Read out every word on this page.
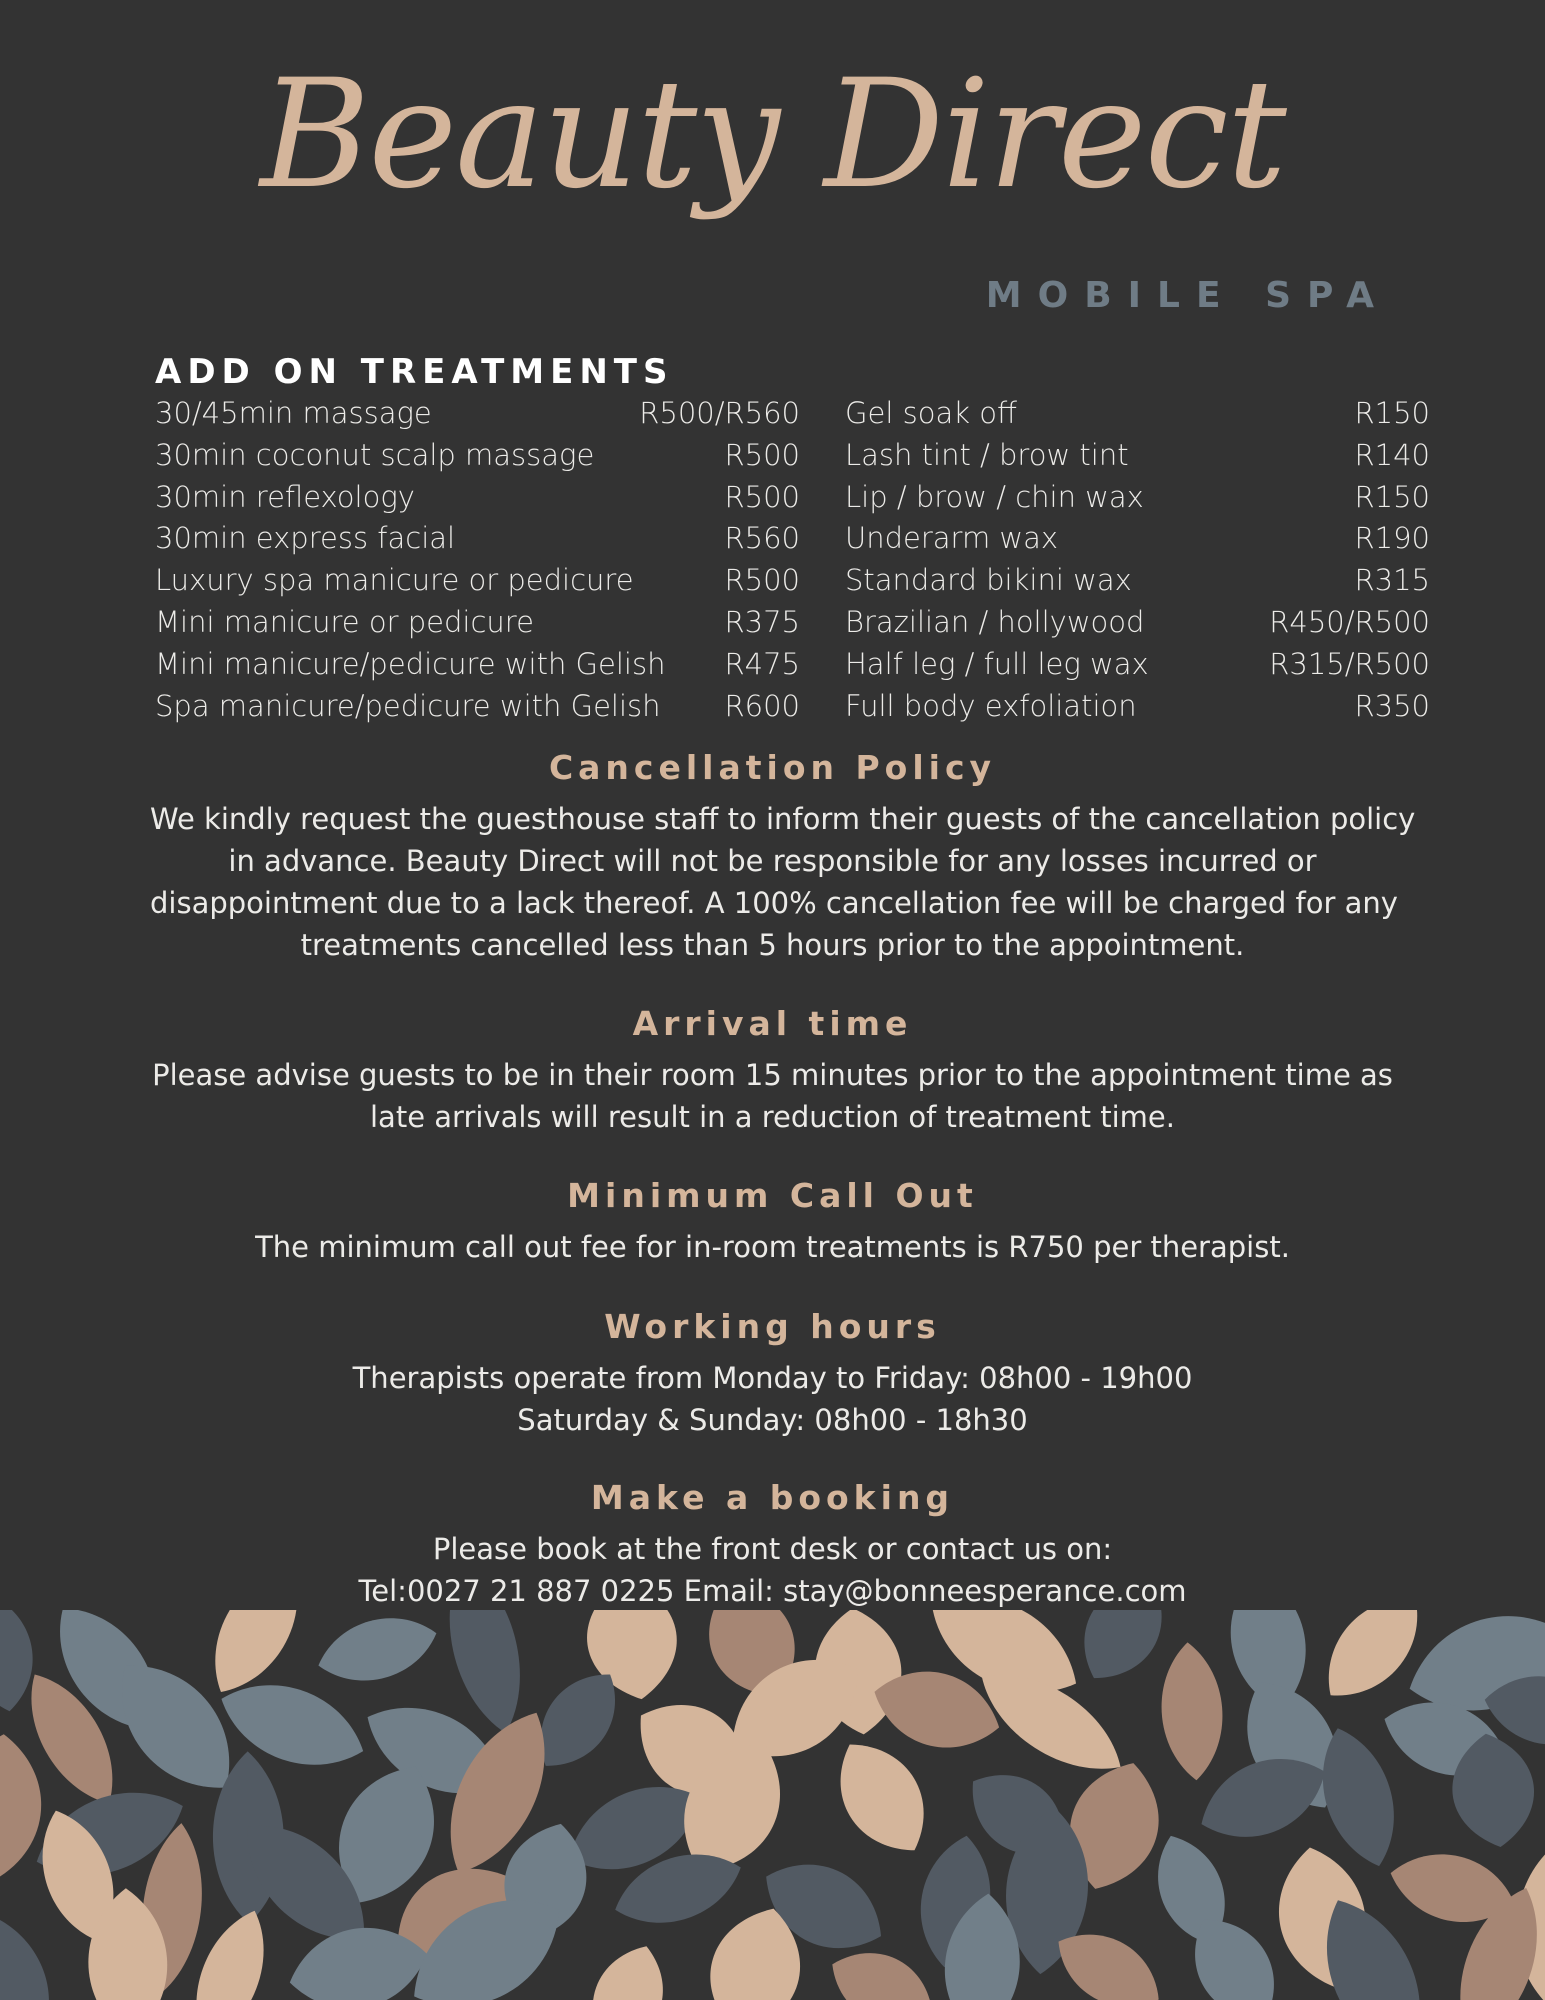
Beauty Direct
MOBILE SPA
ADD ON TREATMENTS
30/45min massage	R500/R560
30min coconut scalp massage	R500
30min reflexology	R500
30min express facial	R560
Luxury spa manicure or pedicure	R500
Mini manicure or pedicure	R375
Mini manicure/pedicure with Gelish R475
Spa manicure/pedicure with Gelish R600
Gel soak off	R150
Lash tint / brow tint	R140
Lip / brow / chin wax	R150
Underarm wax	R190
Standard bikini wax	R315
Brazilian / hollywood	R450/R500
Half leg / full leg wax	R315/R500
Full body exfoliation	R350
Cancellation Policy
We kindly request the guesthouse staff to inform their guests of the cancellation policy
in advance. Beauty Direct will not be responsible for any losses incurred or
disappointment due to a lack thereof. A 100% cancellation fee will be charged for any
treatments cancelled less than 5 hours prior to the appointment.
Arrival time
Please advise guests to be in their room 15 minutes prior to the appointment time as
late arrivals will result in a reduction of treatment time.
Minimum Call Out
The minimum call out fee for in-room treatments is R750 per therapist.
Working hours
Therapists operate from Monday to Friday: 08h00 - 19h00
Saturday & Sunday: 08h00 - 18h30
Make a booking
Please book at the front desk or contact us on:
Tel:0027 21 887 0225 Email: stay@bonneesperance.com
